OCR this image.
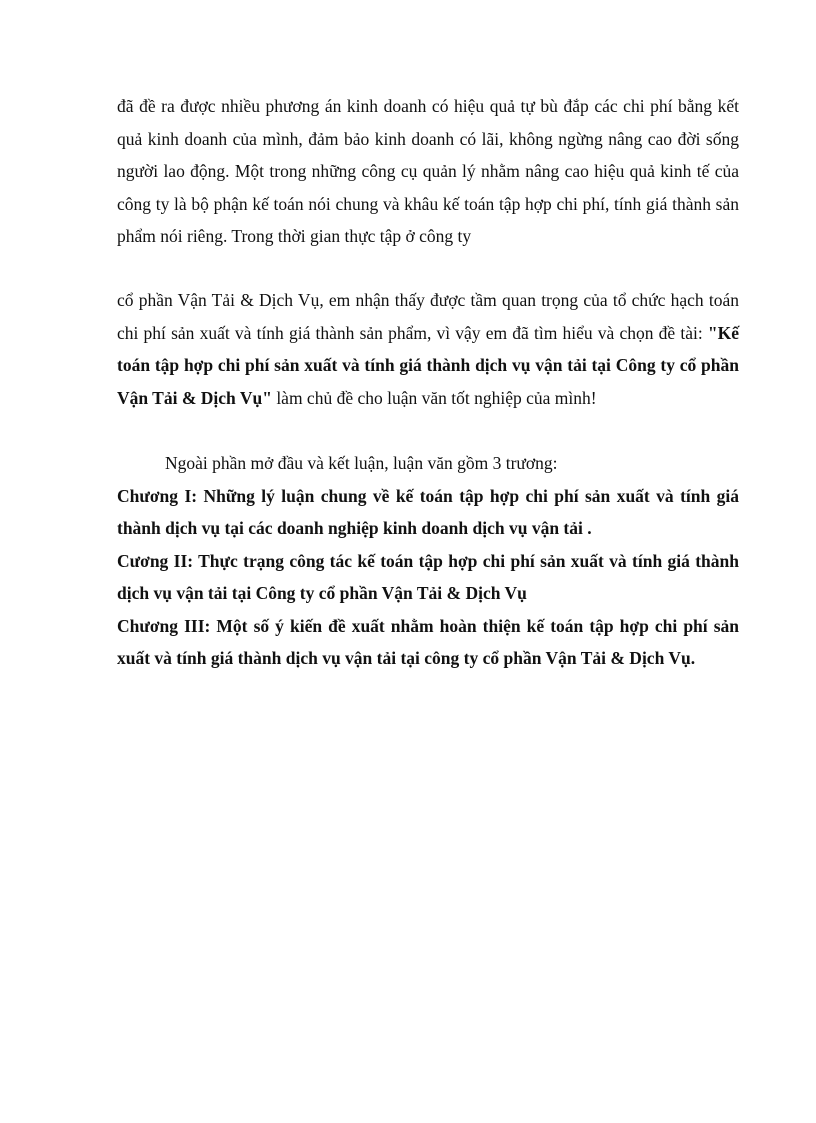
đã đề ra được nhiều phương án kinh doanh có hiệu quả tự bù đắp các chi phí bằng kết quả kinh doanh của mình, đảm bảo kinh doanh có lãi, không ngừng nâng cao đời sống người lao động. Một trong những công cụ quản lý nhằm nâng cao hiệu quả kinh tế của công ty là bộ phận kế toán nói chung và khâu kế toán tập hợp chi phí, tính giá thành sản phẩm nói riêng. Trong thời gian thực tập ở công ty
cổ phần Vận Tải & Dịch Vụ, em nhận thấy được tầm quan trọng của tổ chức hạch toán chi phí sản xuất và tính giá thành sản phẩm, vì vậy em đã tìm hiểu và chọn đề tài: "Kế toán tập hợp chi phí sản xuất và tính giá thành dịch vụ vận tải tại Công ty cổ phần Vận Tải & Dịch Vụ" làm chủ đề cho luận văn tốt nghiệp của mình!
Ngoài phần mở đầu và kết luận, luận văn gồm 3 trương:
Chương I: Những lý luận chung về kế toán tập hợp chi phí sản xuất và tính giá thành dịch vụ tại các doanh nghiệp kinh doanh dịch vụ vận tải .
Cương II: Thực trạng công tác kế toán tập hợp chi phí sản xuất và tính giá thành dịch vụ vận tải tại Công ty cổ phần Vận Tải & Dịch Vụ
Chương III: Một số ý kiến đề xuất nhằm hoàn thiện kế toán tập hợp chi phí sản xuất và tính giá thành dịch vụ vận tải tại công ty cổ phần Vận Tải & Dịch Vụ.
